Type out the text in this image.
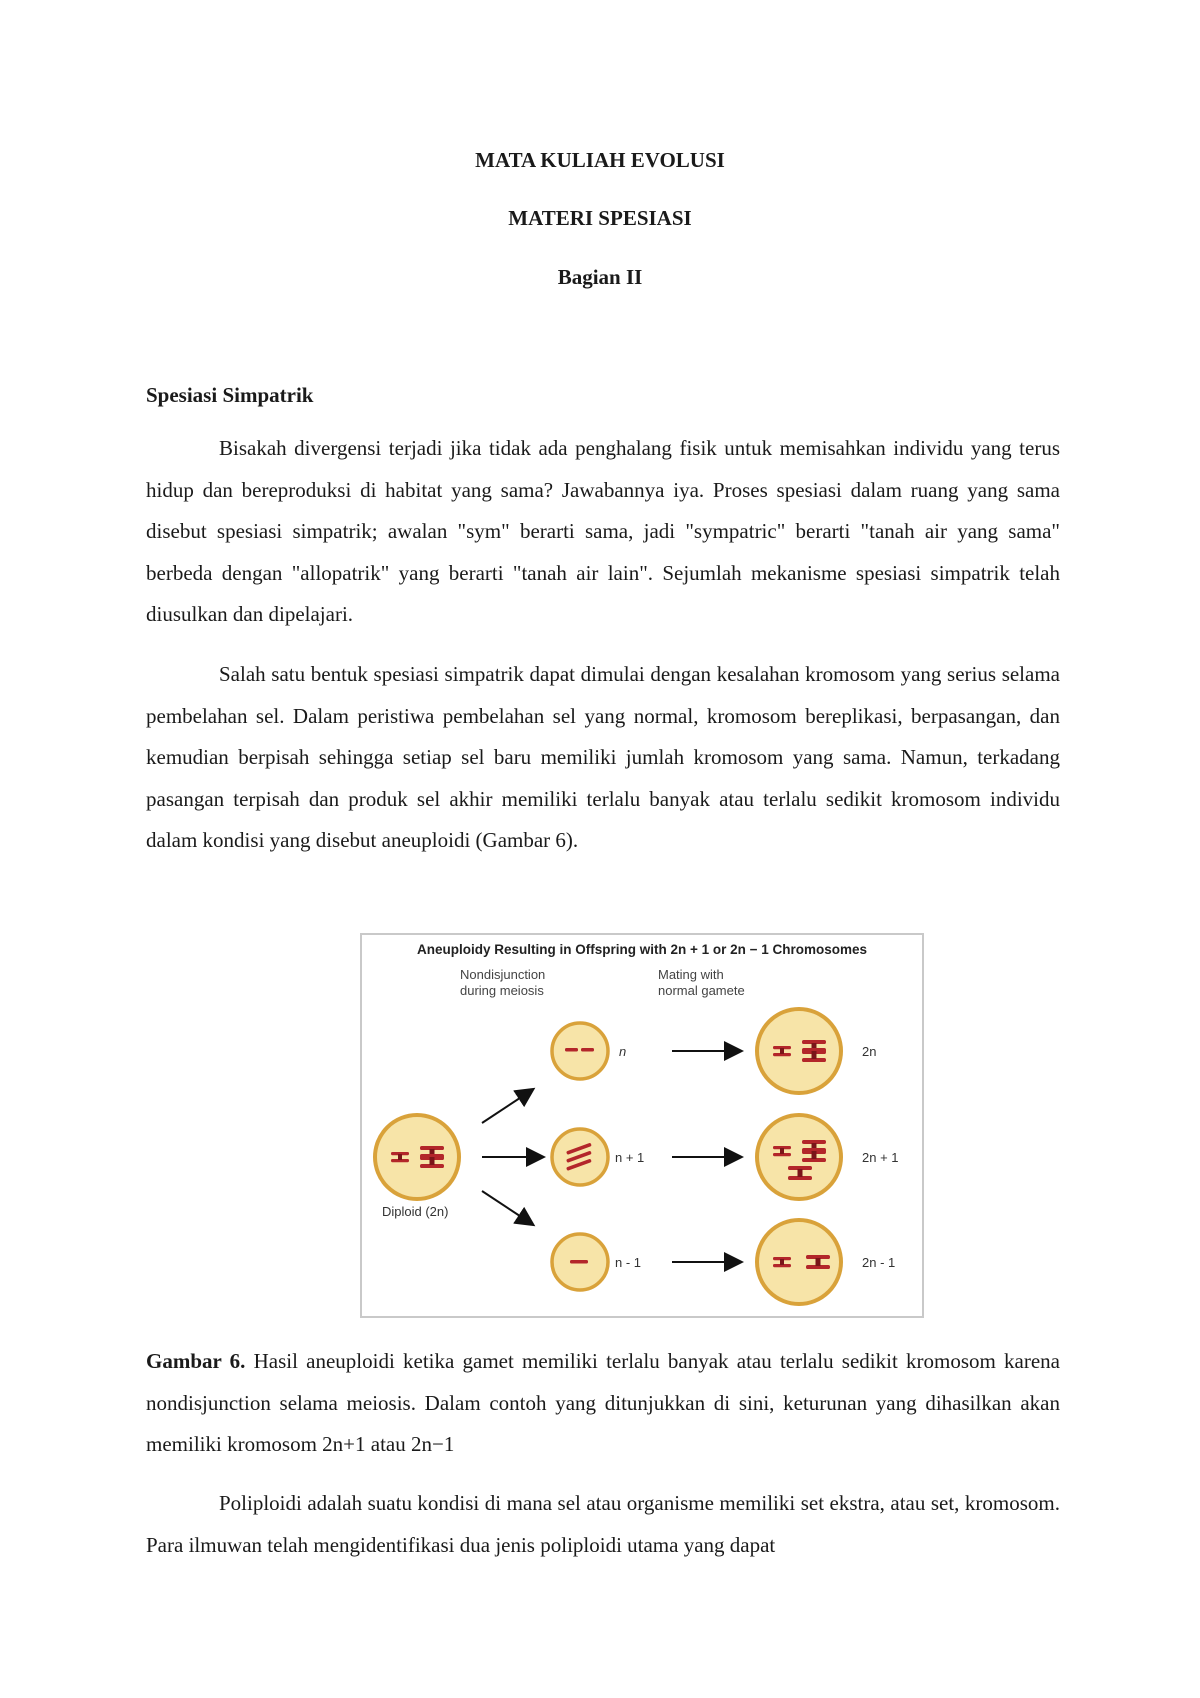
MATA KULIAH EVOLUSI
MATERI SPESIASI
Bagian II
Spesiasi Simpatrik

Bisakah divergensi terjadi jika tidak ada penghalang fisik untuk memisahkan individu yang terus hidup dan bereproduksi di habitat yang sama? Jawabannya iya. Proses spesiasi dalam ruang yang sama disebut spesiasi simpatrik; awalan "sym" berarti sama, jadi "sympatric" berarti "tanah air yang sama" berbeda dengan "allopatrik" yang berarti "tanah air lain". Sejumlah mekanisme spesiasi simpatrik telah diusulkan dan dipelajari.

Salah satu bentuk spesiasi simpatrik dapat dimulai dengan kesalahan kromosom yang serius selama pembelahan sel. Dalam peristiwa pembelahan sel yang normal, kromosom bereplikasi, berpasangan, dan kemudian berpisah sehingga setiap sel baru memiliki jumlah kromosom yang sama. Namun, terkadang pasangan terpisah dan produk sel akhir memiliki terlalu banyak atau terlalu sedikit kromosom individu dalam kondisi yang disebut aneuploidi (Gambar 6).

Aneuploidy Resulting in Offspring with 2n + 1 or 2n − 1 Chromosomes
Nondisjunction
during meiosis
Mating with
normal gamete
Diploid (2n)
n
n + 1
n - 1
2n
2n + 1
2n - 1

Gambar 6. Hasil aneuploidi ketika gamet memiliki terlalu banyak atau terlalu sedikit kromosom karena nondisjunction selama meiosis. Dalam contoh yang ditunjukkan di sini, keturunan yang dihasilkan akan memiliki kromosom 2n+1 atau 2n−1

Poliploidi adalah suatu kondisi di mana sel atau organisme memiliki set ekstra, atau set, kromosom. Para ilmuwan telah mengidentifikasi dua jenis poliploidi utama yang dapat
